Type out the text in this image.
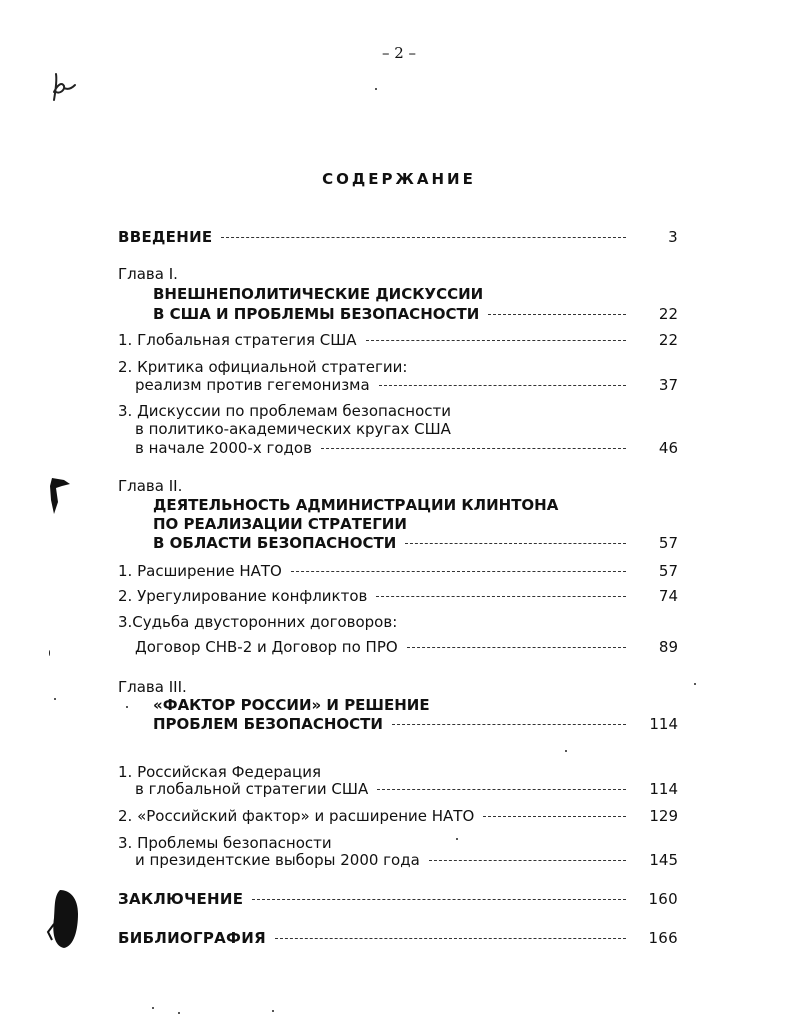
– 2 –
СОДЕРЖАНИЕ
ВВЕДЕНИЕ	3
Глава I.
ВНЕШНЕПОЛИТИЧЕСКИЕ ДИСКУССИИ
В США И ПРОБЛЕМЫ БЕЗОПАСНОСТИ	22
1. Глобальная стратегия США	22
2. Критика официальной стратегии:
реализм против гегемонизма	37
3. Дискуссии по проблемам безопасности
в политико-академических кругах США
в начале 2000-х годов	46
Глава II.
ДЕЯТЕЛЬНОСТЬ АДМИНИСТРАЦИИ КЛИНТОНА
ПО РЕАЛИЗАЦИИ СТРАТЕГИИ
В ОБЛАСТИ БЕЗОПАСНОСТИ	57
1. Расширение НАТО	57
2. Урегулирование конфликтов	74
3.Судьба двусторонних договоров:
Договор СНВ-2 и Договор по ПРО	89
Глава III.
«ФАКТОР РОССИИ» И РЕШЕНИЕ
ПРОБЛЕМ БЕЗОПАСНОСТИ	114
1. Российская Федерация
в глобальной стратегии США	114
2. «Российский фактор» и расширение НАТО	129
3. Проблемы безопасности
и президентские выборы 2000 года	145
ЗАКЛЮЧЕНИЕ	160
БИБЛИОГРАФИЯ	166
